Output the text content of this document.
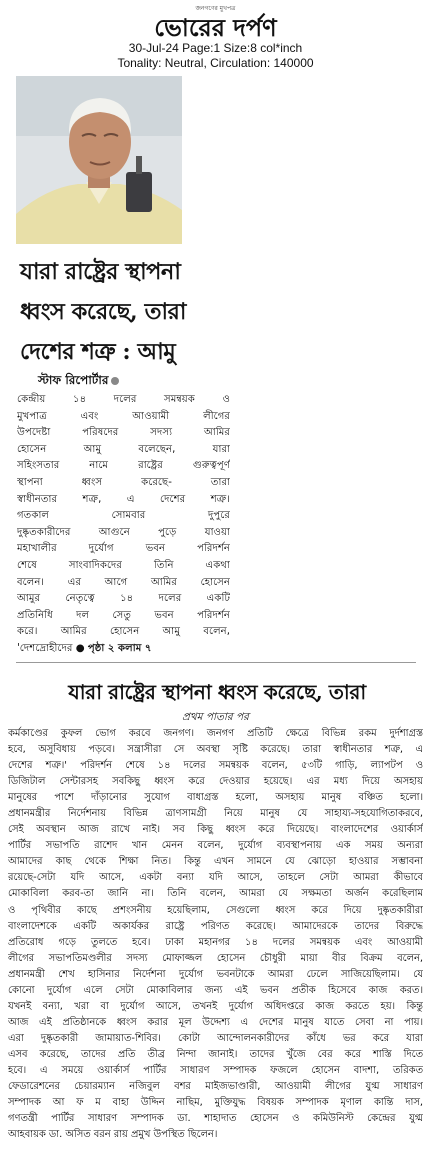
জনগণের মুখপত্র
ভোরের দর্পণ
30-Jul-24 Page:1 Size:8 col*inch
Tonality: Neutral, Circulation: 140000
যারা রাষ্ট্রের স্থাপনা
ধ্বংস করেছে, তারা
দেশের শত্রু : আমু
স্টাফ রিপোর্টার
কেন্দ্রীয় ১৪ দলের সমন্বয়ক ও
মুখপাত্র এবং আওয়ামী লীগের
উপদেষ্টা পরিষদের সদস্য আমির
হোসেন আমু বলেছেন, যারা
সহিংসতার নামে রাষ্ট্রের গুরুত্বপূর্ণ
স্থাপনা ধ্বংস করেছে- তারা
স্বাধীনতার শত্রু, এ দেশের শত্রু।
গতকাল সোমবার দুপুরে
দুষ্কৃতকারীদের আগুনে পুড়ে যাওয়া
মহাখালীর দুর্যোগ ভবন পরিদর্শন
শেষে সাংবাদিকদের তিনি একথা
বলেন। এর আগে আমির হোসেন
আমুর নেতৃত্বে ১৪ দলের একটি
প্রতিনিধি দল সেতু ভবন পরিদর্শন
করে। আমির হোসেন আমু বলেন,
'দেশদ্রোহীদের ● পৃষ্ঠা ২ কলাম ৭
যারা রাষ্ট্রের স্থাপনা ধ্বংস করেছে, তারা
প্রথম পাতার পর
কর্মকাণ্ডের কুফল ভোগ করবে জনগণ। জনগণ প্রতিটি ক্ষেত্রে বিভিন্ন রকম দুর্দশাগ্রস্ত
হবে, অসুবিধায় পড়বে। সন্ত্রাসীরা সে অবস্থা সৃষ্টি করেছে। তারা স্বাধীনতার শত্রু, এ
দেশের শত্রু।' পরিদর্শন শেষে ১৪ দলের সমন্বয়ক বলেন, ৫৩টি গাড়ি, ল্যাপটপ ও
ডিজিটাল সেন্টারসহ সবকিছু ধ্বংস করে দেওয়ার হয়েছে। এর মধ্য দিয়ে অসহায়
মানুষের পাশে দাঁড়ানোর সুযোগ বাধাগ্রস্ত হলো, অসহায় মানুষ বঞ্চিত হলো।
প্রধানমন্ত্রীর নির্দেশনায় বিভিন্ন ত্রাণসামগ্রী নিয়ে মানুষ যে সাহায্য-সহযোগিতাকরবে,
সেই অবস্থান আজ রাখে নাই। সব কিছু ধ্বংস করে দিয়েছে। বাংলাদেশের ওয়ার্কার্স
পার্টির সভাপতি রাশেদ খান মেনন বলেন, দুর্যোগ ব্যবস্থাপনায় এক সময় অন্যরা
আমাদের কাছ থেকে শিক্ষা নিত। কিন্তু এখন সামনে যে ঝোড়ো হাওয়ার সম্ভাবনা
রয়েছে-সেটা যদি আসে, একটা বন্যা যদি আসে, তাহলে সেটা আমরা কীভাবে
মোকাবিলা করব-তা জানি না। তিনি বলেন, আমরা যে সক্ষমতা অর্জন করেছিলাম
ও পৃথিবীর কাছে প্রশংসনীয় হয়েছিলাম, সেগুলো ধ্বংস করে দিয়ে দুষ্কৃতকারীরা
বাংলাদেশকে একটি অকার্যকর রাষ্ট্রে পরিণত করেছে। আমাদেরকে তাদের বিরুদ্ধে
প্রতিরোধ গড়ে তুলতে হবে। ঢাকা মহানগর ১৪ দলের সমন্বয়ক এবং আওয়ামী
লীগের সভাপতিমণ্ডলীর সদস্য মোফাজ্জল হোসেন চৌধুরী মায়া বীর বিক্রম বলেন,
প্রধানমন্ত্রী শেখ হাসিনার নির্দেশনা দুর্যোগ ভবনটাকে আমরা ঢেলে সাজিয়েছিলাম। যে
কোনো দুর্যোগ এলে সেটা মোকাবিলার জন্য এই ভবন প্রতীক হিসেবে কাজ করত।
যখনই বন্যা, খরা বা দুর্যোগ আসে, তখনই দুর্যোগ অধিদপ্তরে কাজ করতে হয়। কিন্তু
আজ এই প্রতিষ্ঠানকে ধ্বংস করার মূল উদ্দেশ্য এ দেশের মানুষ যাতে সেবা না পায়।
এরা দুষ্কৃতকারী জামায়াত-শিবির। কোটা আন্দোলনকারীদের কাঁধে ভর করে যারা
এসব করেছে, তাদের প্রতি তীব্র নিন্দা জানাই। তাদের খুঁজে বের করে শাস্তি দিতে
হবে। এ সময়ে ওয়ার্কার্স পার্টির সাধারণ সম্পাদক ফজলে হোসেন বাদশা, তরিকত
ফেডারেশনের চেয়ারম্যান নজিবুল বশর মাইজভাণ্ডারী, আওয়ামী লীগের যুগ্ম সাধারণ
সম্পাদক আ ফ ম বাহা উদ্দিন নাছিম, মুক্তিযুদ্ধ বিষয়ক সম্পাদক মৃণাল কান্তি দাস,
গণতন্ত্রী পার্টির সাধারণ সম্পাদক ডা. শাহাদাত হোসেন ও কমিউনিস্ট কেন্দ্রের যুগ্ম
আহবায়ক ডা. অসিত বরন রায় প্রমুখ উপস্থিত ছিলেন।
